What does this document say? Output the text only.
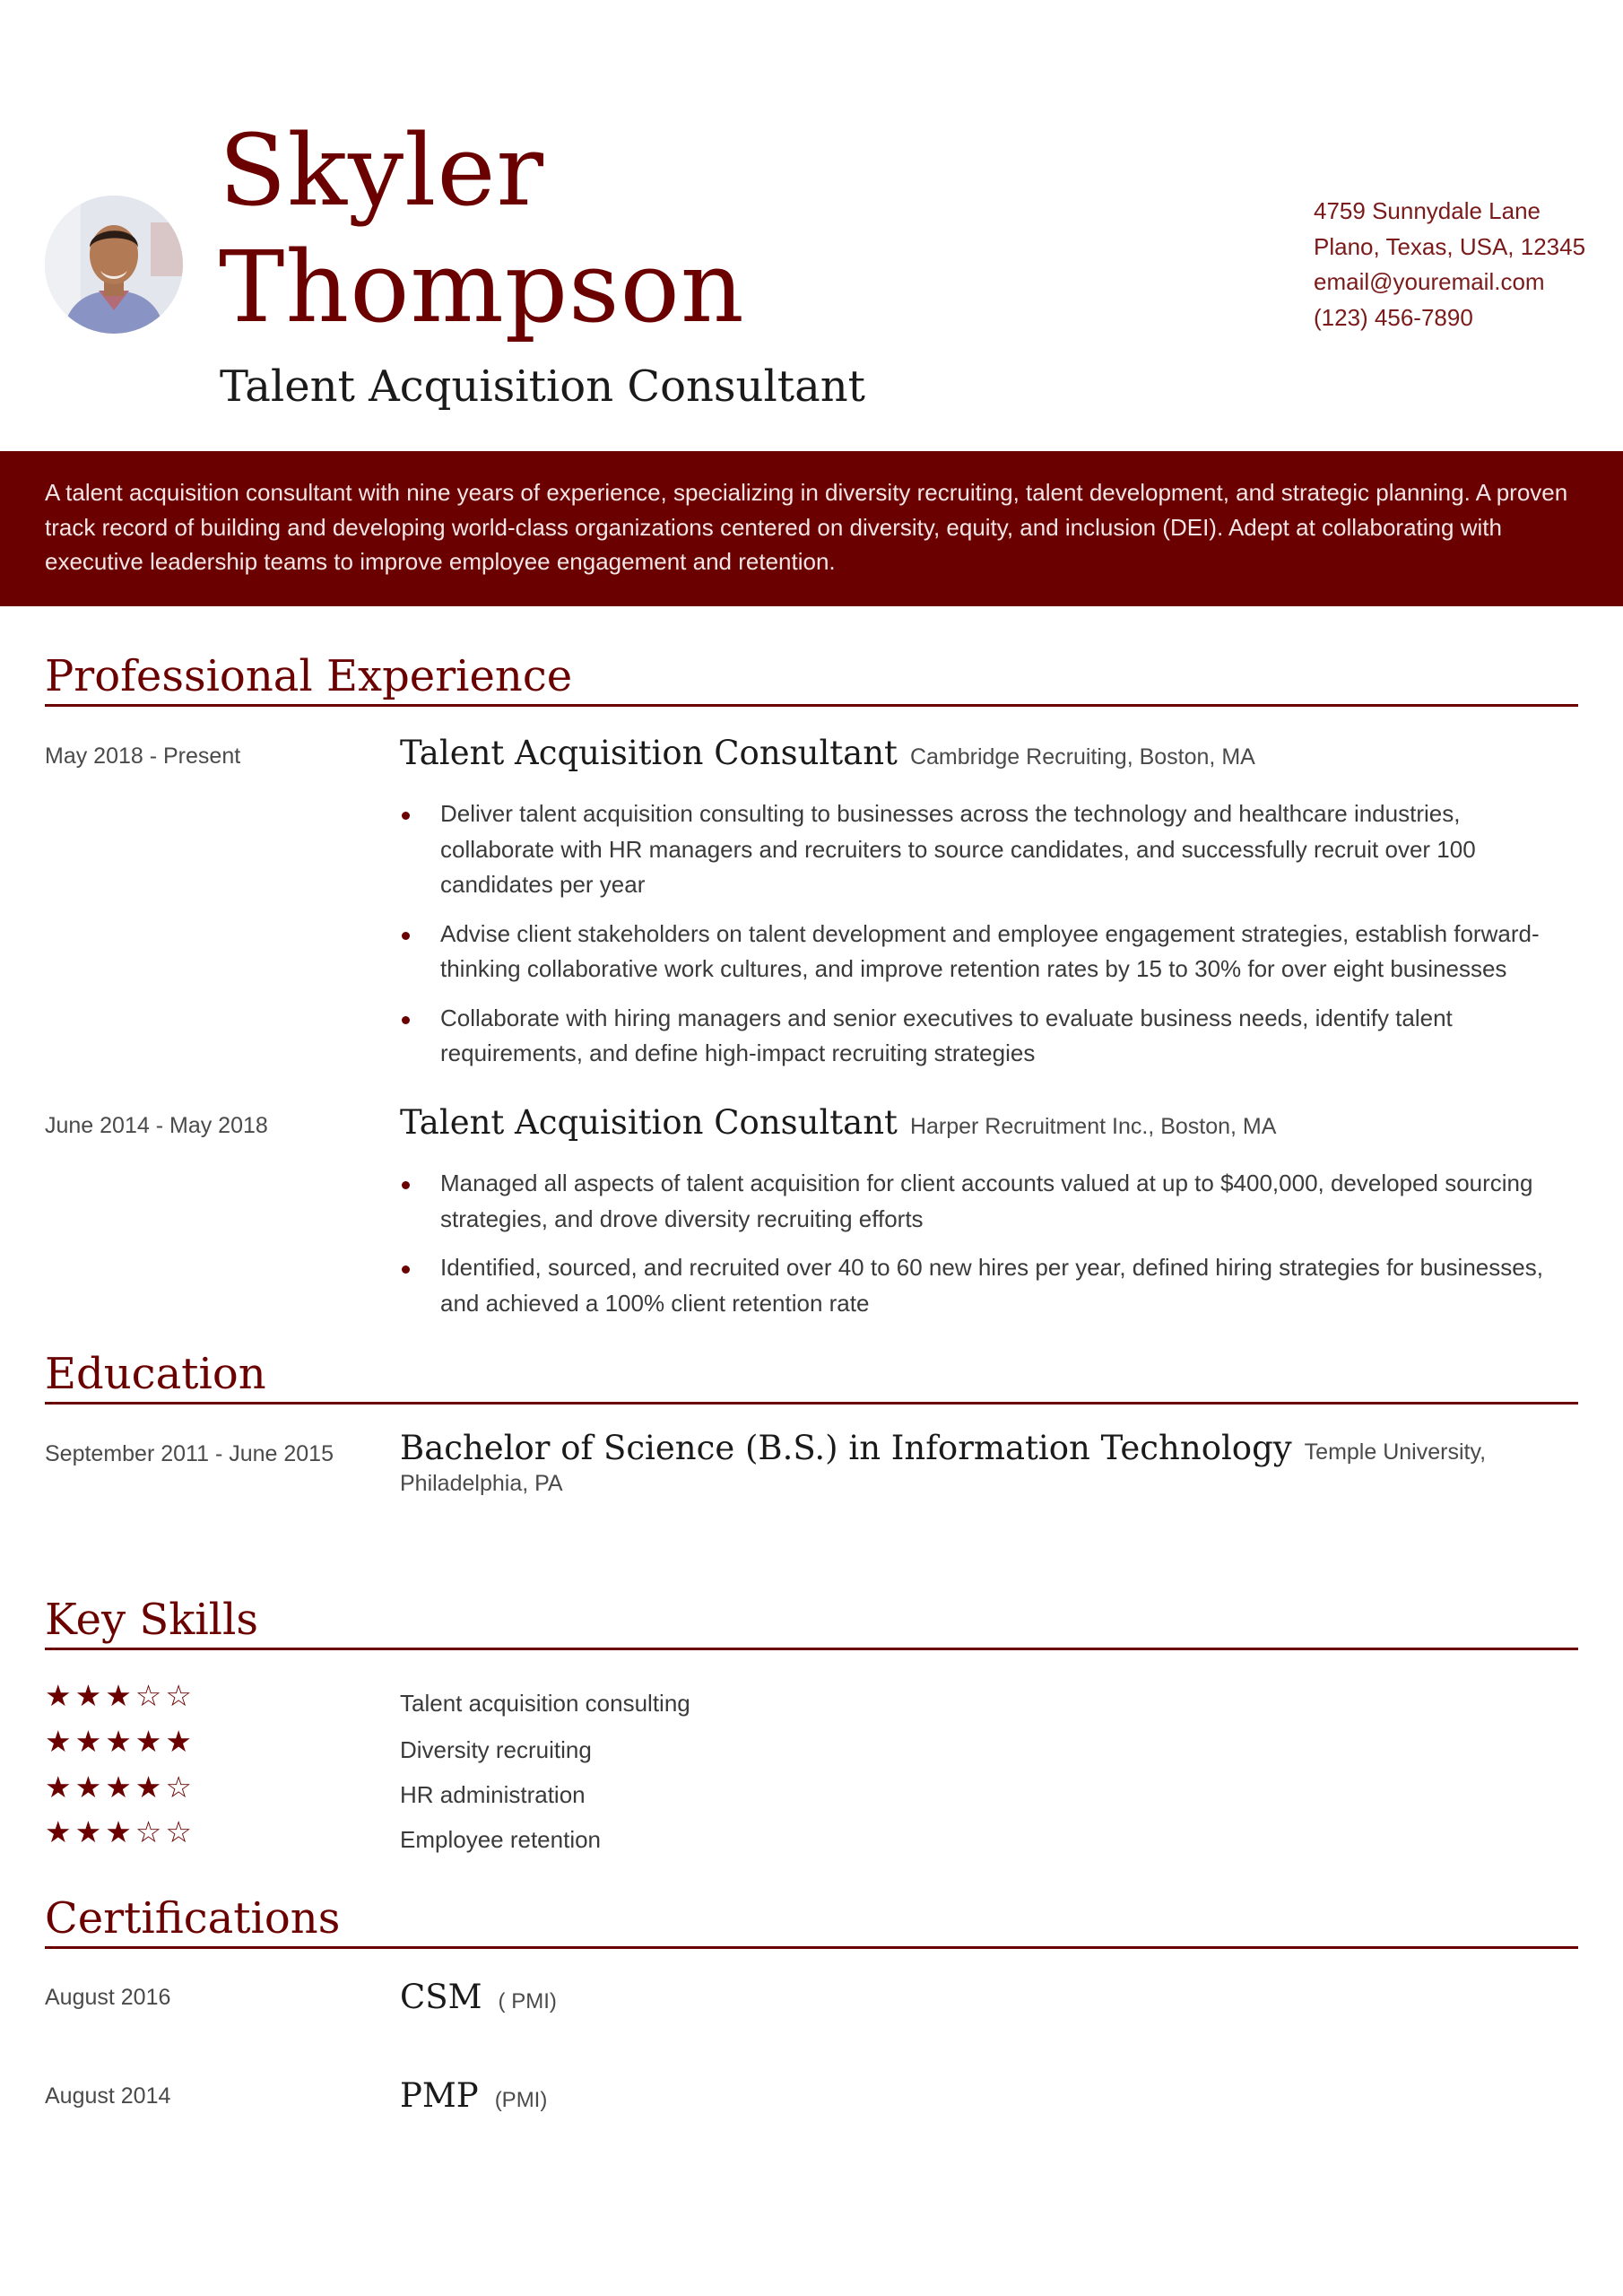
Skyler
Thompson
Talent Acquisition Consultant
4759 Sunnydale Lane
Plano, Texas, USA, 12345
email@youremail.com
(123) 456-7890
A talent acquisition consultant with nine years of experience, specializing in diversity recruiting, talent development, and strategic planning. A proven track record of building and developing world-class organizations centered on diversity, equity, and inclusion (DEI). Adept at collaborating with executive leadership teams to improve employee engagement and retention.
Professional Experience
May 2018 - Present	Talent Acquisition Consultant Cambridge Recruiting, Boston, MA
Deliver talent acquisition consulting to businesses across the technology and healthcare industries, collaborate with HR managers and recruiters to source candidates, and successfully recruit over 100 candidates per year
Advise client stakeholders on talent development and employee engagement strategies, establish forward-thinking collaborative work cultures, and improve retention rates by 15 to 30% for over eight businesses
Collaborate with hiring managers and senior executives to evaluate business needs, identify talent requirements, and define high-impact recruiting strategies
June 2014 - May 2018	Talent Acquisition Consultant Harper Recruitment Inc., Boston, MA
Managed all aspects of talent acquisition for client accounts valued at up to $400,000, developed sourcing strategies, and drove diversity recruiting efforts
Identified, sourced, and recruited over 40 to 60 new hires per year, defined hiring strategies for businesses, and achieved a 100% client retention rate
Education
September 2011 - June 2015 Bachelor of Science (B.S.) in Information Technology Temple University,
Philadelphia, PA
Key Skills
★ ★ ★ ☆ ☆	Talent acquisition consulting
★ ★ ★ ★ ★	Diversity recruiting
★ ★ ★ ★ ☆	HR administration
★ ★ ★ ☆ ☆	Employee retention
Certifications
August 2016	CSM ( PMI)
August 2014	PMP (PMI)
